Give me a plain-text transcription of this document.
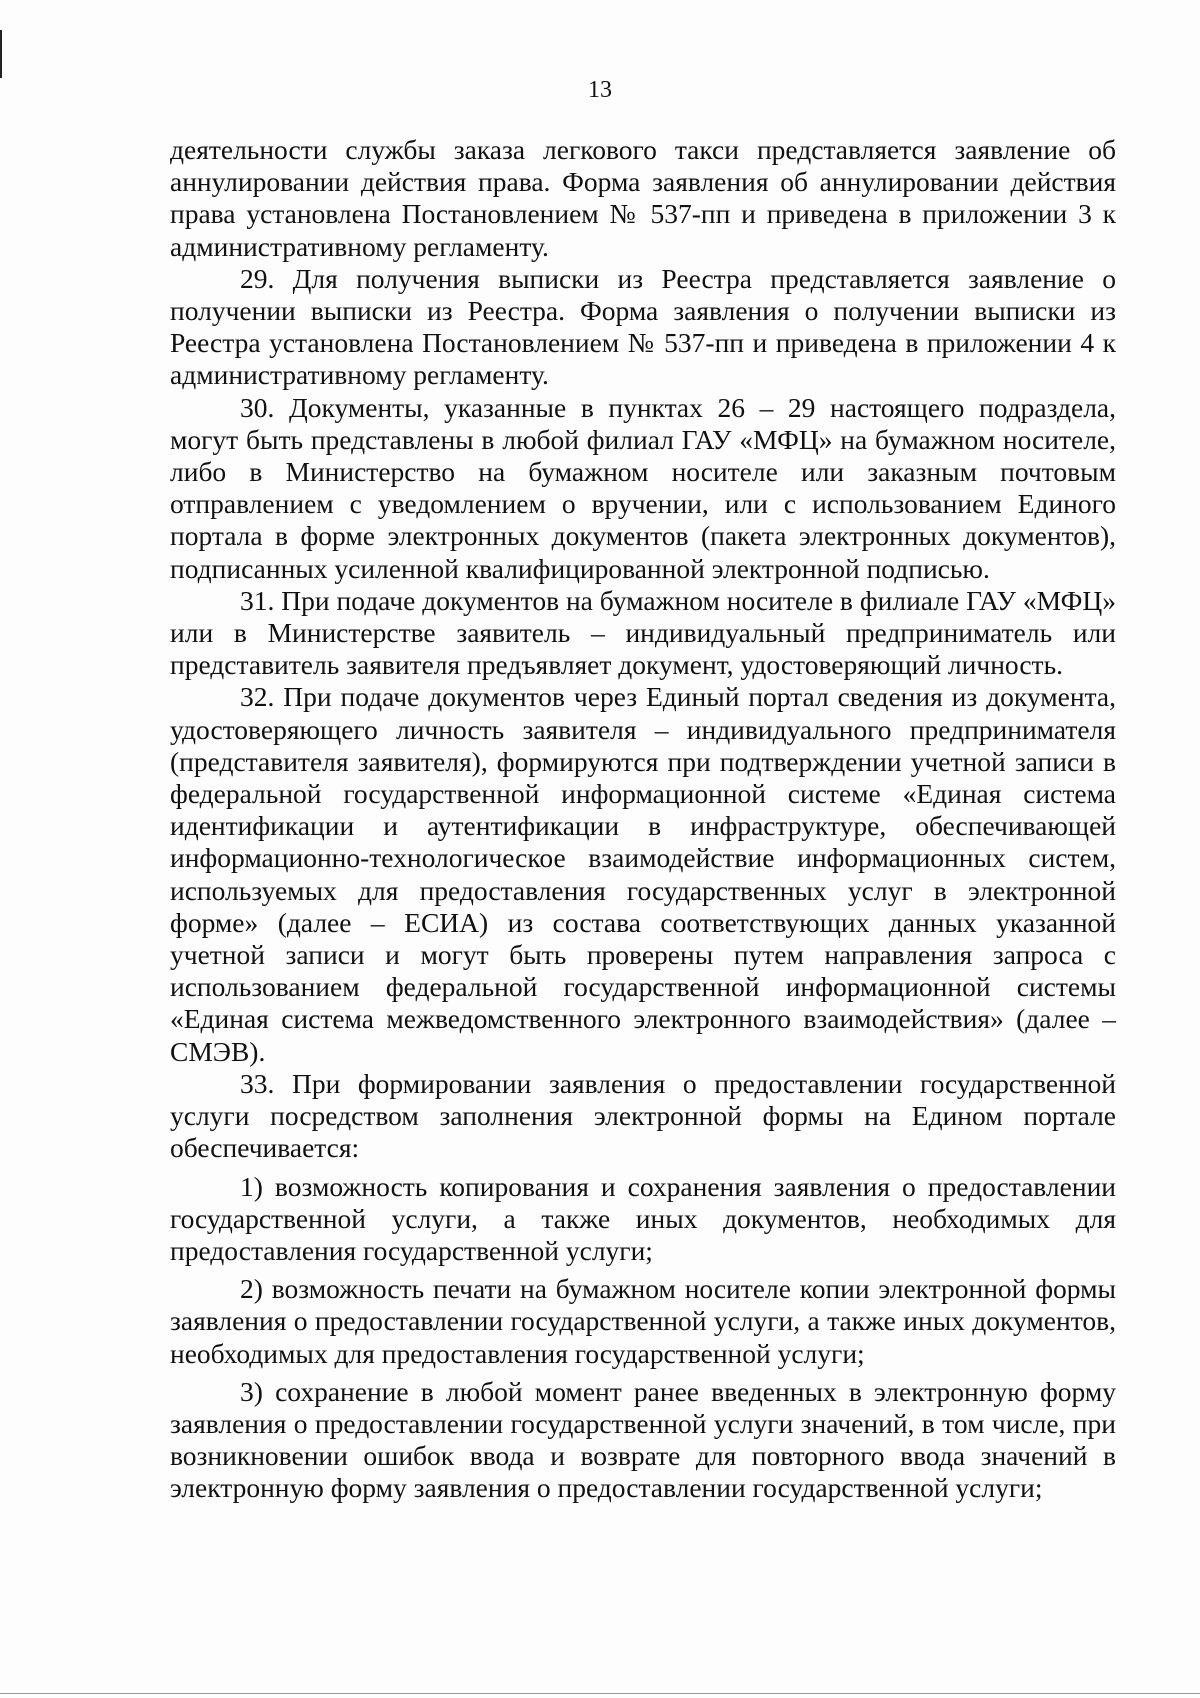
13

деятельности службы заказа легкового такси представляется заявление об аннулировании действия права. Форма заявления об аннулировании действия права установлена Постановлением № 537-пп и приведена в приложении 3 к административному регламенту.

29. Для получения выписки из Реестра представляется заявление о получении выписки из Реестра. Форма заявления о получении выписки из Реестра установлена Постановлением № 537-пп и приведена в приложении 4 к административному регламенту.

30. Документы, указанные в пунктах 26 – 29 настоящего подраздела, могут быть представлены в любой филиал ГАУ «МФЦ» на бумажном носителе, либо в Министерство на бумажном носителе или заказным почтовым отправлением с уведомлением о вручении, или с использованием Единого портала в форме электронных документов (пакета электронных документов), подписанных усиленной квалифицированной электронной подписью.

31. При подаче документов на бумажном носителе в филиале ГАУ «МФЦ» или в Министерстве заявитель – индивидуальный предприниматель или представитель заявителя предъявляет документ, удостоверяющий личность.

32. При подаче документов через Единый портал сведения из документа, удостоверяющего личность заявителя – индивидуального предпринимателя (представителя заявителя), формируются при подтверждении учетной записи в федеральной государственной информационной системе «Единая система идентификации и аутентификации в инфраструктуре, обеспечивающей информационно-технологическое взаимодействие информационных систем, используемых для предоставления государственных услуг в электронной форме» (далее – ЕСИА) из состава соответствующих данных указанной учетной записи и могут быть проверены путем направления запроса с использованием федеральной государственной информационной системы «Единая система межведомственного электронного взаимодействия» (далее – СМЭВ).

33. При формировании заявления о предоставлении государственной услуги посредством заполнения электронной формы на Едином портале обеспечивается:

1) возможность копирования и сохранения заявления о предоставлении государственной услуги, а также иных документов, необходимых для предоставления государственной услуги;

2) возможность печати на бумажном носителе копии электронной формы заявления о предоставлении государственной услуги, а также иных документов, необходимых для предоставления государственной услуги;

3) сохранение в любой момент ранее введенных в электронную форму заявления о предоставлении государственной услуги значений, в том числе, при возникновении ошибок ввода и возврате для повторного ввода значений в электронную форму заявления о предоставлении государственной услуги;
